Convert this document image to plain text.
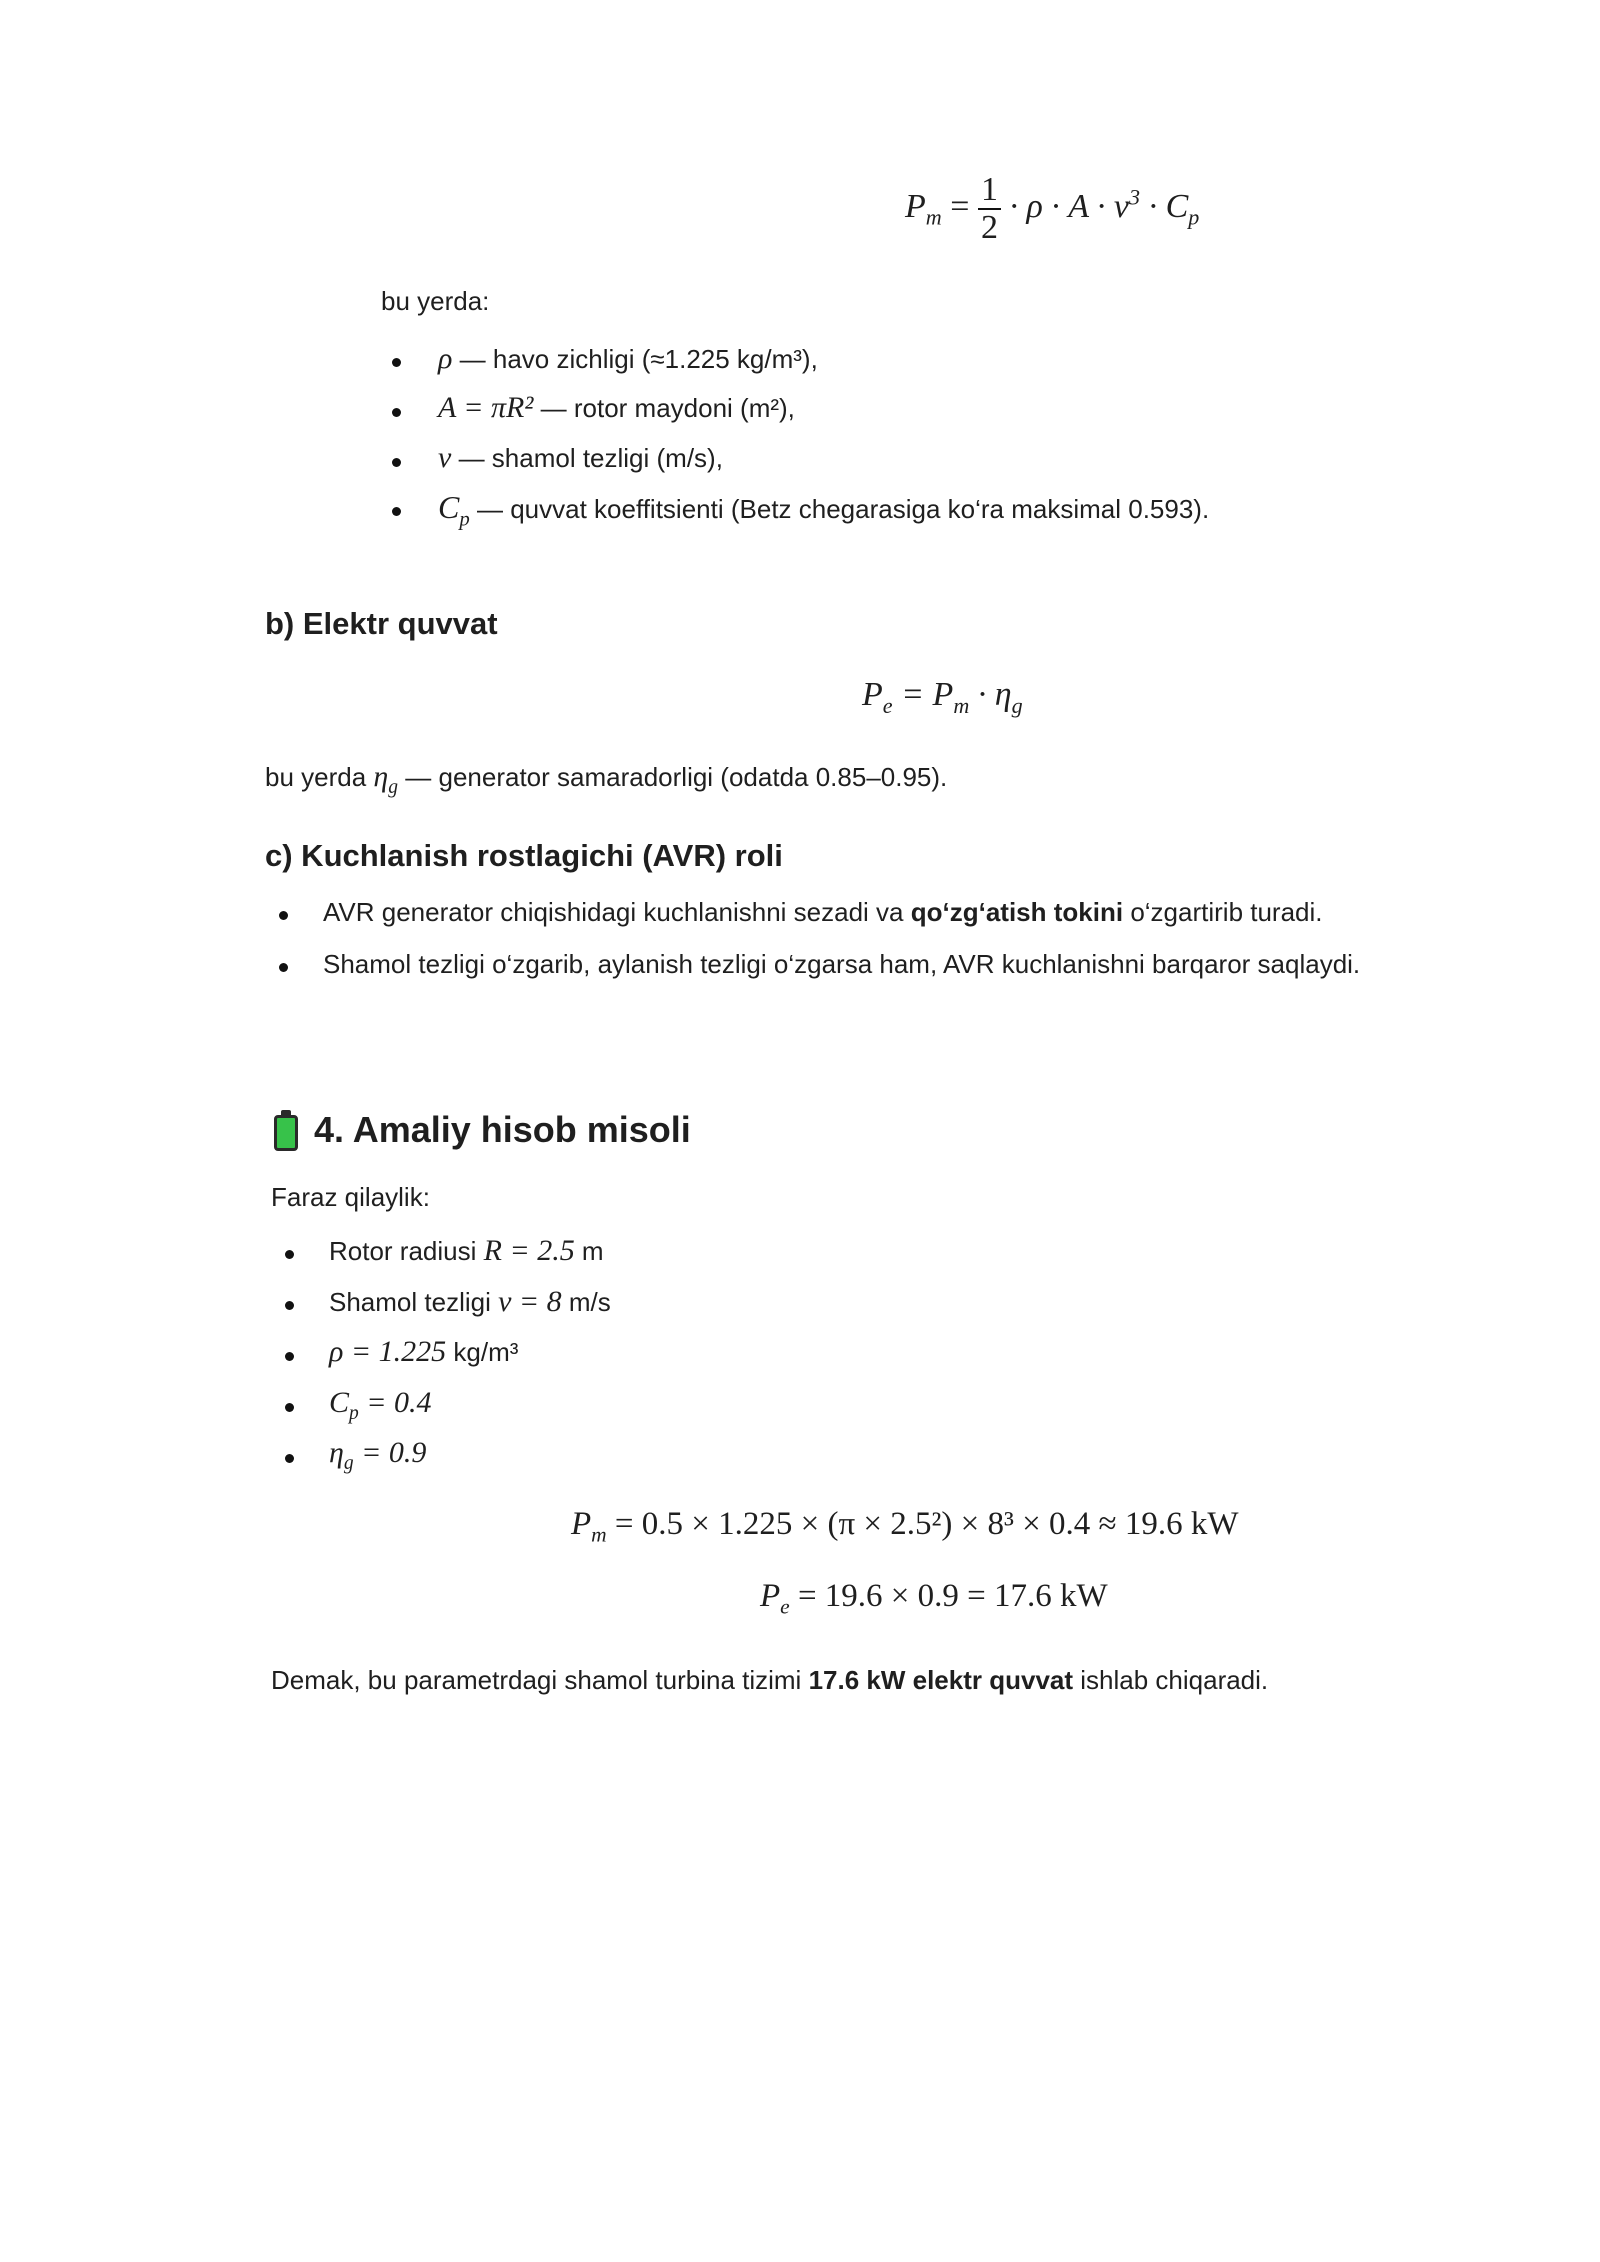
$P_m = \frac{1}{2} \cdot \rho \cdot A \cdot v^3 \cdot C_p$
bu yerda:
ρ — havo zichligi (≈1.225 kg/m³),
A = πR² — rotor maydoni (m²),
v — shamol tezligi (m/s),
$C_p$ — quvvat koeffitsienti (Betz chegarasiga ko‘ra maksimal 0.593).
b) Elektr quvvat
$P_e = P_m \cdot \eta_g$
bu yerda $\eta_g$ — generator samaradorligi (odatda 0.85–0.95).
c) Kuchlanish rostlagichi (AVR) roli
AVR generator chiqishidagi kuchlanishni sezadi va qo‘zg‘atish tokini o‘zgartirib turadi.
Shamol tezligi o‘zgarib, aylanish tezligi o‘zgarsa ham, AVR kuchlanishni barqaror saqlaydi.
4. Amaliy hisob misoli
Faraz qilaylik:
Rotor radiusi R = 2.5 m
Shamol tezligi v = 8 m/s
ρ = 1.225 kg/m³
$C_p = 0.4$
$\eta_g = 0.9$
$P_m = 0.5 \times 1.225 \times (\pi \times 2.5^2) \times 8^3 \times 0.4 \approx 19.6$ kW
$P_e = 19.6 \times 0.9 = 17.6$ kW
Demak, bu parametrdagi shamol turbina tizimi 17.6 kW elektr quvvat ishlab chiqaradi.
